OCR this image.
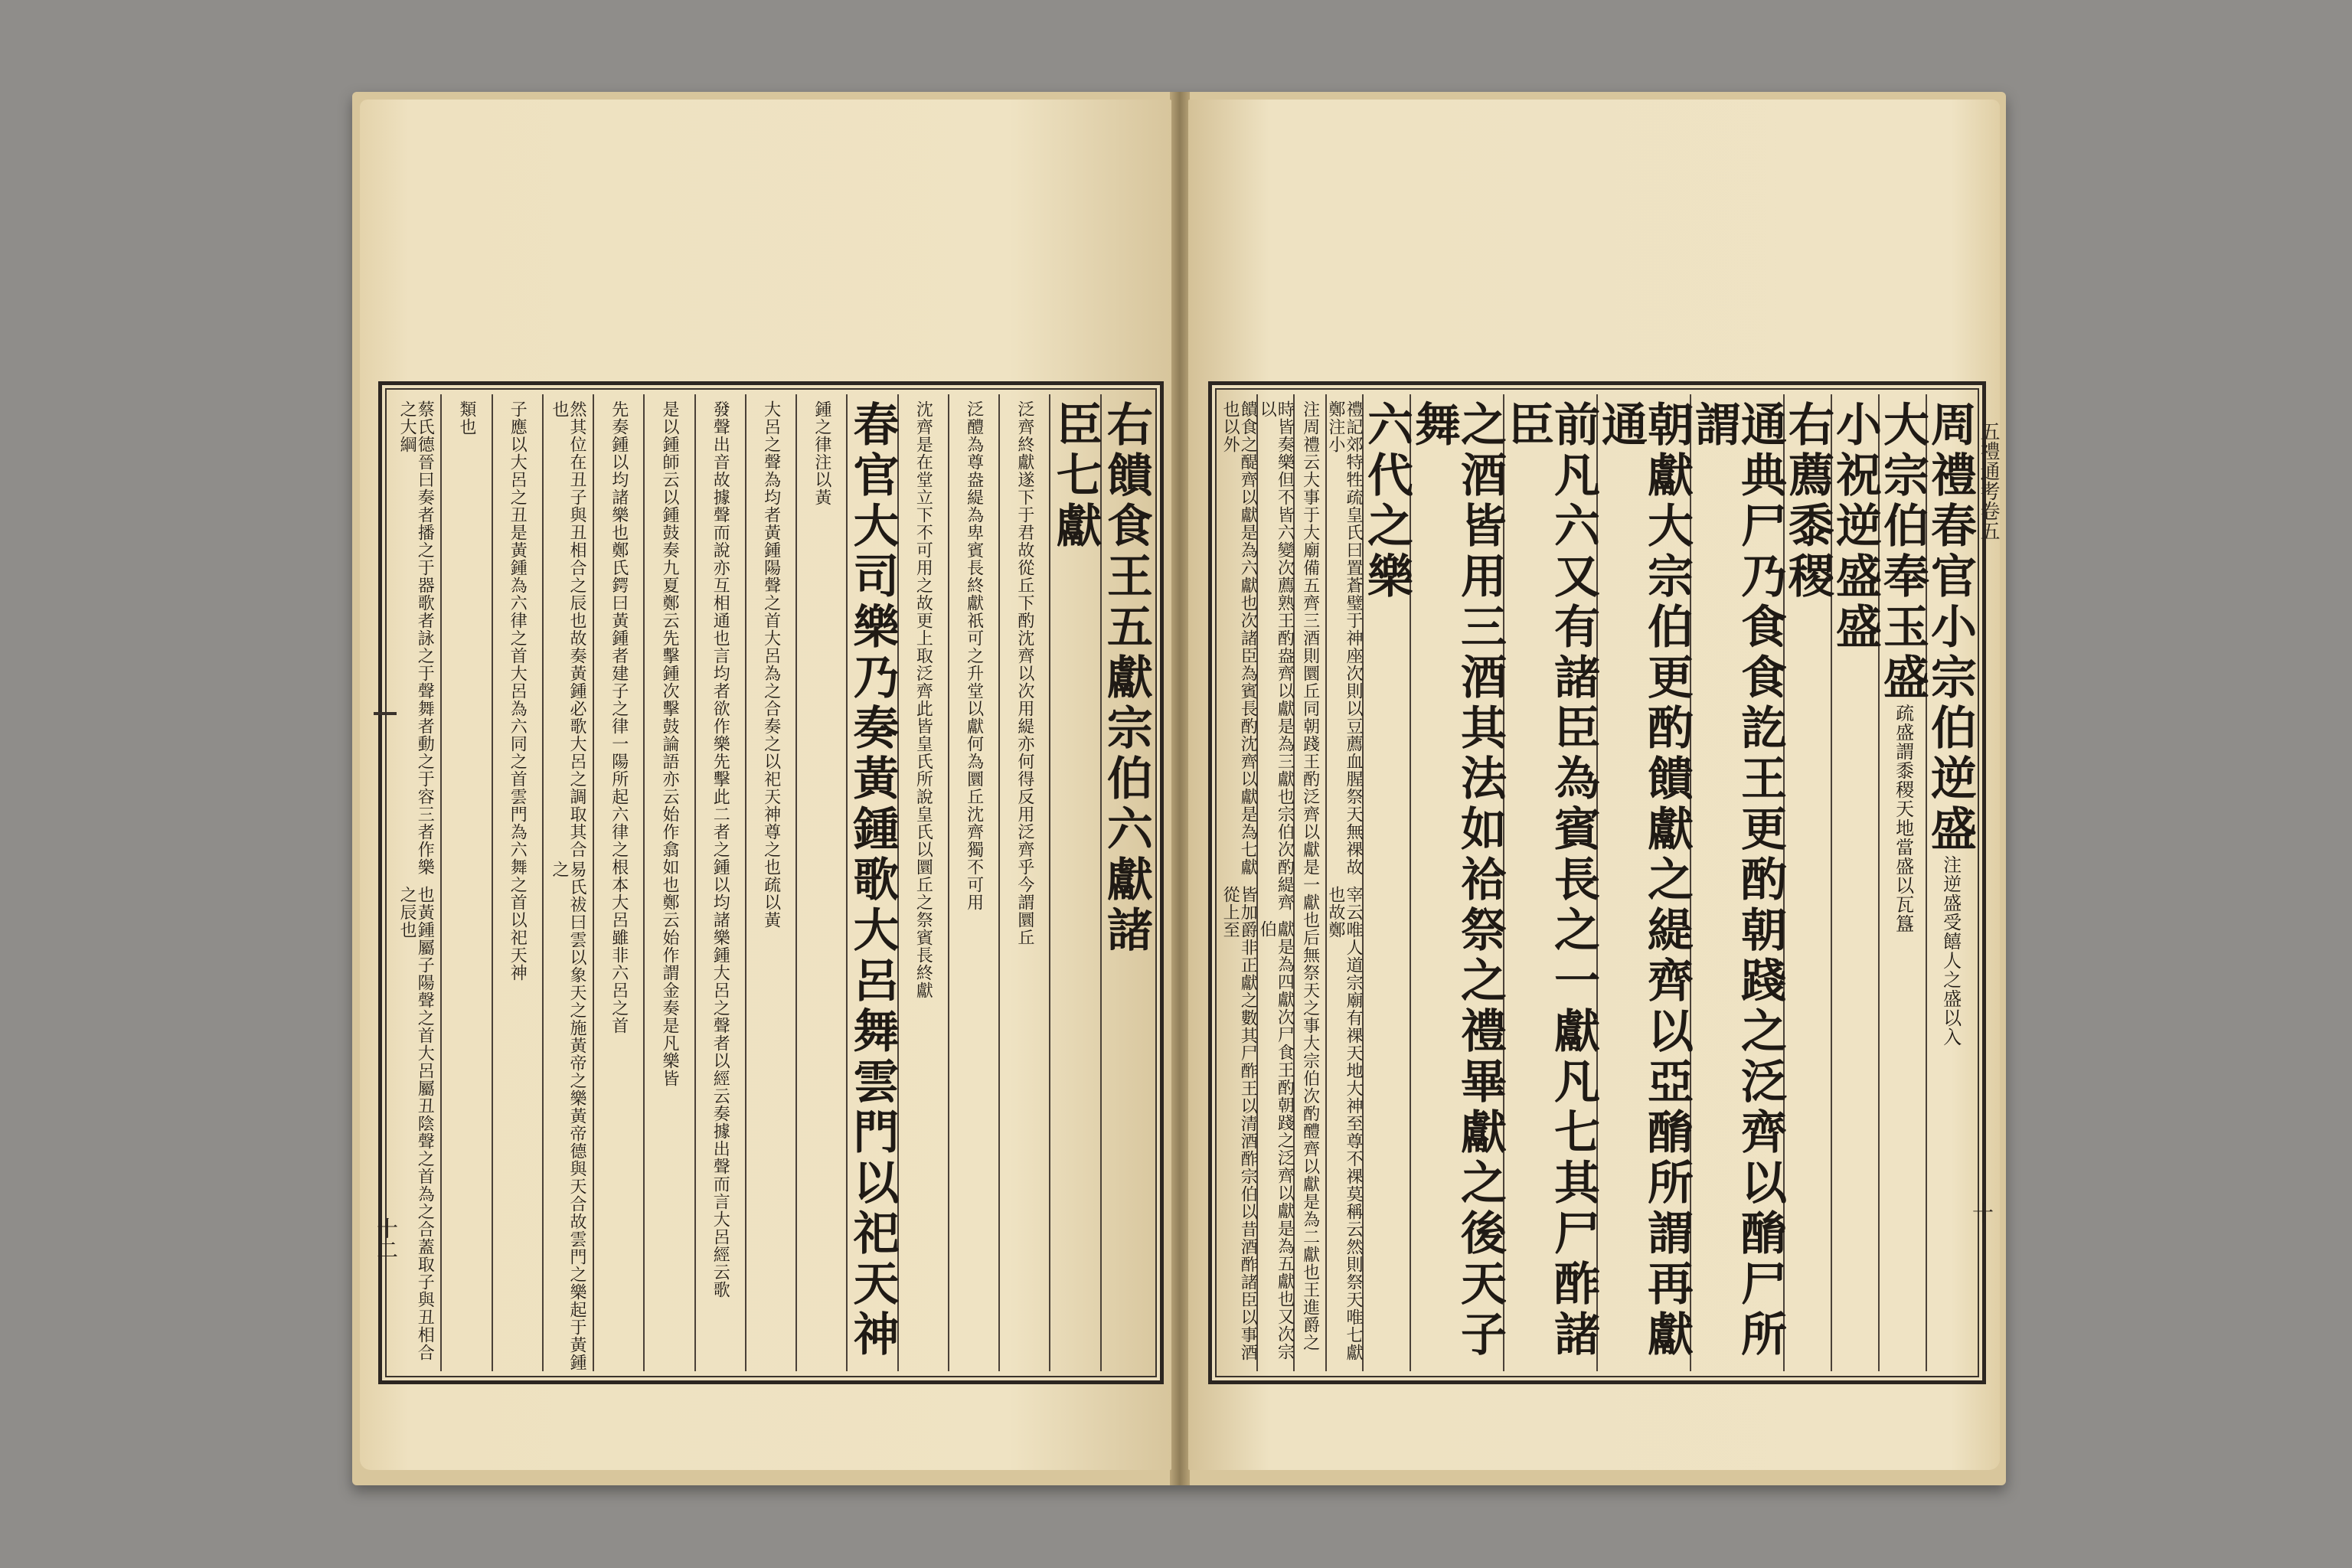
右饋食王五獻宗伯六獻諸
臣七獻
泛齊終獻遂下于君故從丘下酌沈齊
以次用緹亦何得反用泛齊乎今謂圜丘
泛醴為尊盎緹為卑賓長終獻祇可
之升堂以獻何為圜丘沈齊獨不可用
沈齊是在堂立下不可用之故更上取泛齊
此皆皇氏所說皇氏以圜丘之祭賓長終獻
春官大司樂乃奏黃鍾歌大呂舞雲門以祀天神
鍾之律
注以黃
大呂之聲為均者黃鍾陽聲之首大呂為之合奏之以祀天神尊之也
疏以黃
發聲出音故據聲而說亦互相通也言均者欲作樂先擊此二者之鍾以均諸樂
鍾大呂之聲者以經云奏據出聲而言大呂經云歌
是以鍾師云以鍾鼓奏九夏鄭云先擊鍾次擊鼓論語亦云始作翕如也鄭云始
作謂金奏是凡樂皆
先奏鍾以均諸樂也
鄭氏鍔曰黃鍾者建子之律一陽所起六律之根本大呂雖非六呂之首
然其位在丑子與丑相合之辰也故奏黃鍾必歌大呂之調取其合也
易氏祓曰雲以象天之施黃帝之樂黃帝德與天合故雲門之樂起于黃鍾之
子應以大呂之丑是黃鍾為六律之首大呂為六同之首雲門為六舞之首以
祀天神
類也
蔡氏德晉曰奏者播之于器歌者詠之于聲舞者動之于容三者作樂之大綱
也黃鍾屬子陽聲之首大呂屬丑陰聲之首為之合蓋取子與丑相合之辰也
十二
周禮春官小宗伯逆盛
注逆盛受饎人之盛以入
大宗伯奉玉盛
疏盛謂黍稷天地當盛以瓦簋
小祝逆盛盛
右薦黍稷
通典尸乃食食訖王更酌朝踐之泛齊以酳尸所謂
朝獻大宗伯更酌饋獻之緹齊以亞酳所謂再獻通
前凡六又有諸臣為賓長之一獻凡七其尸酢諸臣
之酒皆用三酒其法如祫祭之禮畢獻之後天子舞
六代之樂
禮記郊特牲疏皇氏曰置蒼璧于神座次則以豆薦血腥祭天無祼故鄭注小
宰云唯人道宗廟有祼天地大神至尊不祼莫稱云然則祭天唯七獻也故鄭
注周禮云大事于大廟備五齊三酒則圜丘同朝踐王酌泛齊
以獻是一獻也后無祭天之事大宗伯次酌醴齊以獻是為二獻也王進爵之
時皆奏樂但不皆六變次薦熟王酌盎齊以獻是為三獻也宗伯次酌緹齊以
獻是為四獻次尸食王酌朝踐之泛齊以獻是為五獻也又次宗伯
饋食之醍齊以獻是為六獻也次諸臣為賓長酌沈齊以獻是為七獻也以外
皆加爵非正獻之數其尸酢王以清酒酢宗伯以昔酒酢諸臣以事酒從上至
五禮通考卷五
十
